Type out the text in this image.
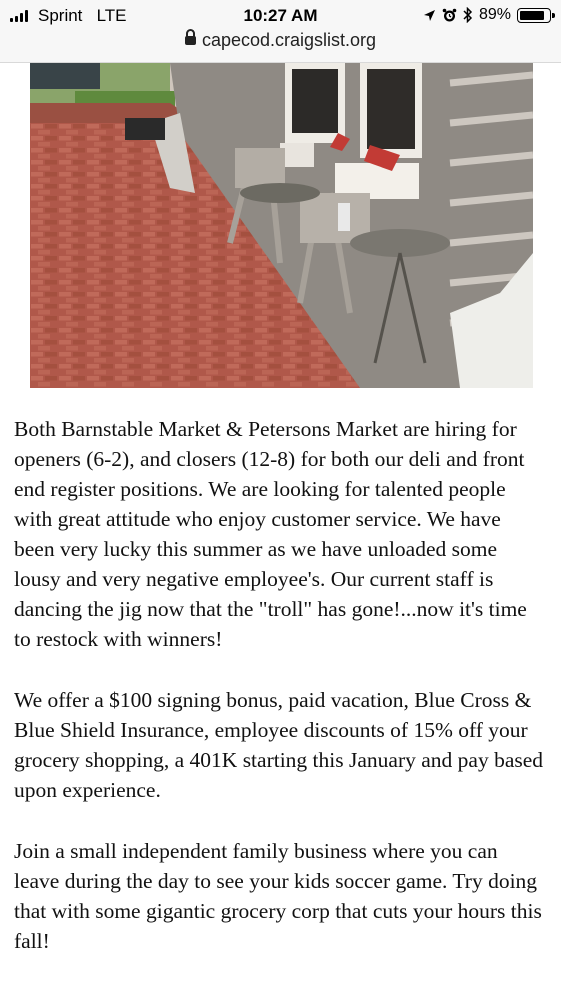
Sprint LTE	10:27 AM	89%
capecod.craigslist.org

Both Barnstable Market & Petersons Market are hiring for openers (6-2), and closers (12-8) for both our deli and front end register positions. We are looking for talented people with great attitude who enjoy customer service. We have been very lucky this summer as we have unloaded some lousy and very negative employee's. Our current staff is dancing the jig now that the "troll" has gone!...now it's time to restock with winners!

We offer a $100 signing bonus, paid vacation, Blue Cross & Blue Shield Insurance, employee discounts of 15% off your grocery shopping, a 401K starting this January and pay based upon experience.

Join a small independent family business where you can leave during the day to see your kids soccer game. Try doing that with some gigantic grocery corp that cuts your hours this fall!
